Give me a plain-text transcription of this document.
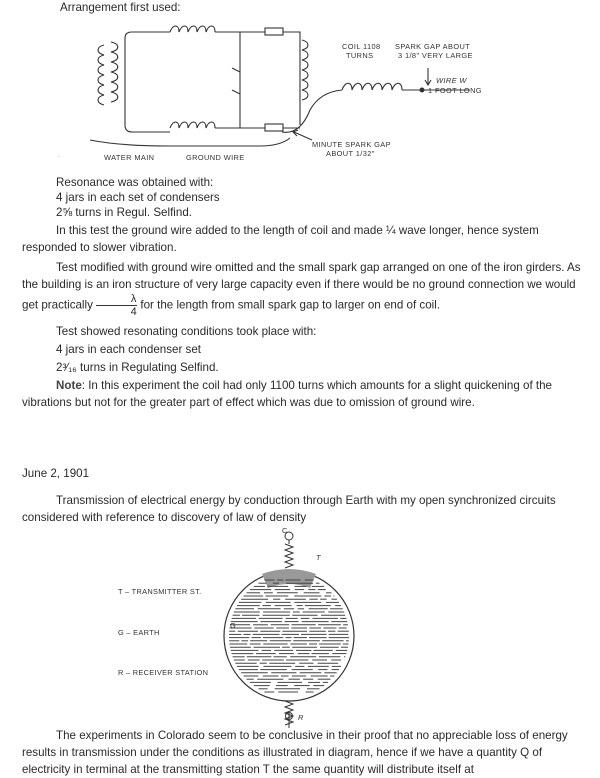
Arrangement first used:
·
COIL 1108
TURNS
SPARK GAP ABOUT
3 1/8" VERY LARGE
WIRE W
1 FOOT LONG
MINUTE SPARK GAP
ABOUT 1/32"
WATER MAIN	GROUND WIRE
Resonance was obtained with:
4 jars in each set of condensers
2⅝ turns in Regul. Selfind.
In this test the ground wire added to the length of coil and made ¼ wave longer, hence system responded to slower vibration.
Test modified with ground wire omitted and the small spark gap arranged on one of the iron girders. As the building is an iron structure of very large capacity even if there would be no ground connection we would get practically $\frac{\lambda}{4}$ for the length from small spark gap to larger on end of coil.
Test showed resonating conditions took place with:
4 jars in each condenser set
2³⁄₁₆ turns in Regulating Selfind.
Note: In this experiment the coil had only 1100 turns which amounts for a slight quickening of the vibrations but not for the greater part of effect which was due to omission of ground wire.
June 2, 1901
Transmission of electrical energy by conduction through Earth with my open synchronized circuits considered with reference to discovery of law of density
C
T
G
R
T – TRANSMITTER ST.
G – EARTH
R – RECEIVER STATION
The experiments in Colorado seem to be conclusive in their proof that no appreciable loss of energy results in transmission under the conditions as illustrated in diagram, hence if we have a quantity Q of electricity in terminal at the transmitting station T the same quantity will distribute itself at
